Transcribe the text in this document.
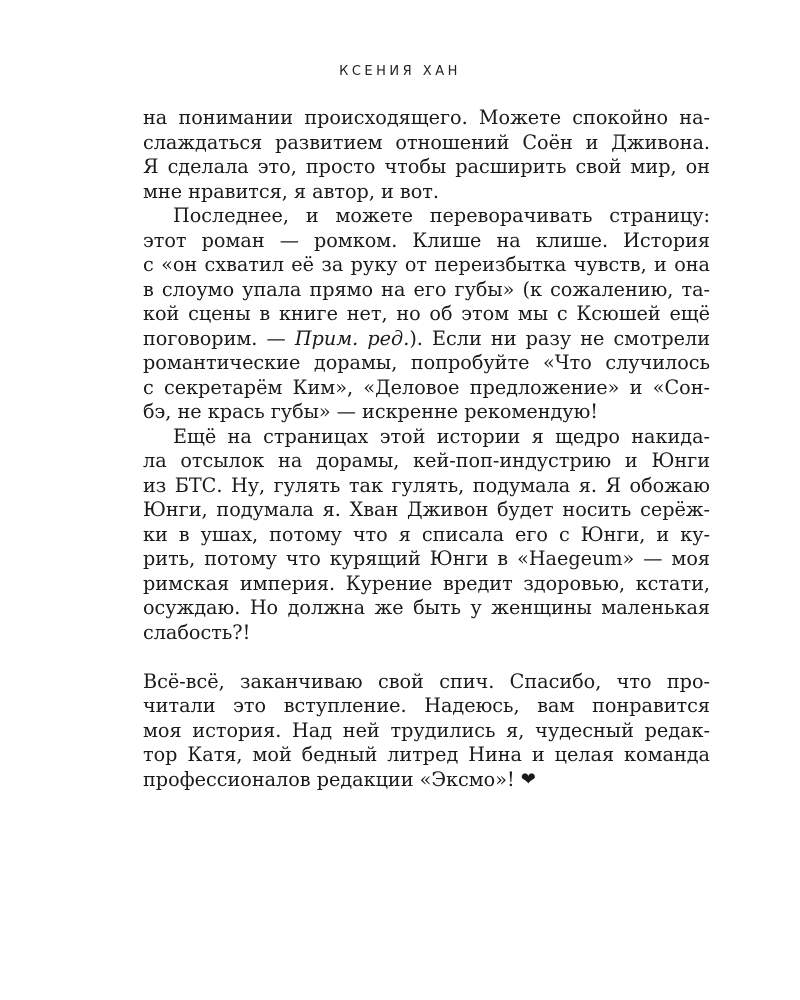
КСЕНИЯ ХАН
на понимании происходящего. Можете спокойно на-
слаждаться развитием отношений Соён и Дживона.
Я сделала это, просто чтобы расширить свой мир, он
мне нравится, я автор, и вот.
Последнее, и можете переворачивать страницу:
этот роман — ромком. Клише на клише. История
с «он схватил её за руку от переизбытка чувств, и она
в слоумо упала прямо на его губы» (к сожалению, та-
кой сцены в книге нет, но об этом мы с Ксюшей ещё
поговорим. — Прим. ред.). Если ни разу не смотрели
романтические дорамы, попробуйте «Что случилось
с секретарём Ким», «Деловое предложение» и «Сон-
бэ, не крась губы» — искренне рекомендую!
Ещё на страницах этой истории я щедро накида-
ла отсылок на дорамы, кей-поп-индустрию и Юнги
из БТС. Ну, гулять так гулять, подумала я. Я обожаю
Юнги, подумала я. Хван Дживон будет носить серёж-
ки в ушах, потому что я списала его с Юнги, и ку-
рить, потому что курящий Юнги в «Haegeum» — моя
римская империя. Курение вредит здоровью, кстати,
осуждаю. Но должна же быть у женщины маленькая
слабость?!
Всё-всё, заканчиваю свой спич. Спасибо, что про-
читали это вступление. Надеюсь, вам понравится
моя история. Над ней трудились я, чудесный редак-
тор Катя, мой бедный литред Нина и целая команда
профессионалов редакции «Эксмо»! ❤
